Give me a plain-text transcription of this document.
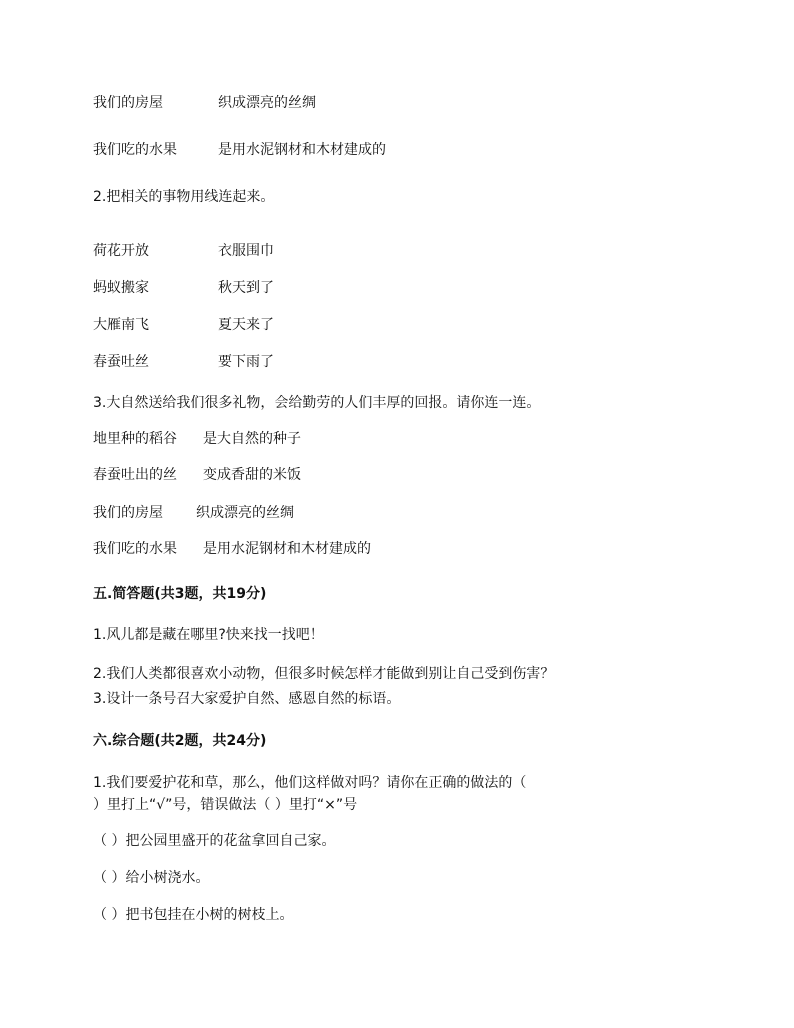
我们的房屋	织成漂亮的丝绸
我们吃的水果	是用水泥钢材和木材建成的
2.把相关的事物用线连起来。
荷花开放	衣服围巾
蚂蚁搬家	秋天到了
大雁南飞	夏天来了
春蚕吐丝	要下雨了
3.大自然送给我们很多礼物，会给勤劳的人们丰厚的回报。请你连一连。
地里种的稻谷 是大自然的种子
春蚕吐出的丝 变成香甜的米饭
我们的房屋 织成漂亮的丝绸
我们吃的水果 是用水泥钢材和木材建成的
五.简答题(共3题，共19分)
1.风儿都是藏在哪里?快来找一找吧！
2.我们人类都很喜欢小动物，但很多时候怎样才能做到别让自己受到伤害？
3.设计一条号召大家爱护自然、感恩自然的标语。
六.综合题(共2题，共24分)
1.我们要爱护花和草，那么，他们这样做对吗？请你在正确的做法的（
）里打上“√”号，错误做法（ ）里打“×”号
（ ）把公园里盛开的花盆拿回自己家。
（ ）给小树浇水。
（ ）把书包挂在小树的树枝上。
